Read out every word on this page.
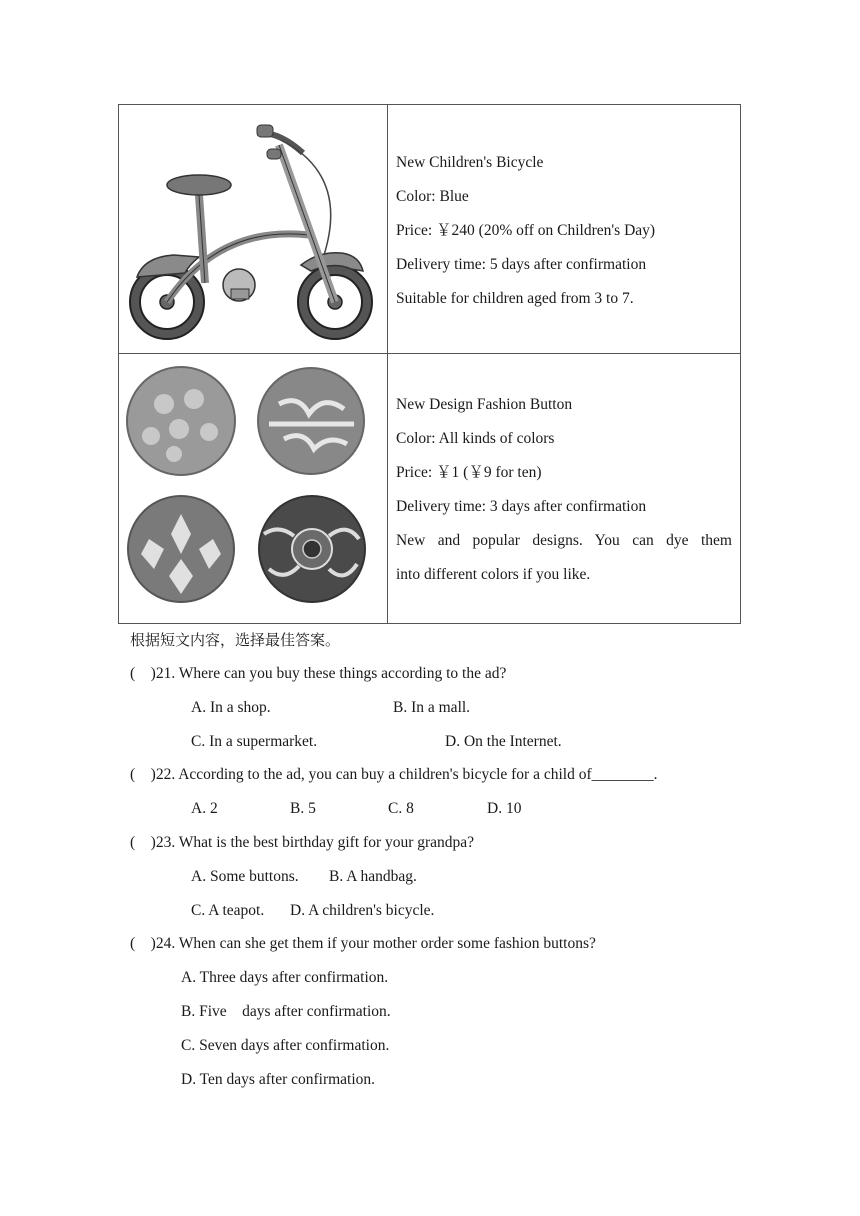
New Children's Bicycle

Color: Blue

Price: ￥240 (20% off on Children's Day)

Delivery time: 5 days after confirmation

Suitable for children aged from 3 to 7.

New Design Fashion Button

Color: All kinds of colors

Price: ￥1 (￥9 for ten)

Delivery time: 3 days after confirmation

New and popular designs. You can dye them

into different colors if you like.

根据短文内容，选择最佳答案。
(    )21. Where can you buy these things according to the ad?
A. In a shop.	B. In a mall.
C. In a supermarket.	D. On the Internet.
(    )22. According to the ad, you can buy a children's bicycle for a child of________.
A. 2	B. 5	C. 8	D. 10
(    )23. What is the best birthday gift for your grandpa?
A. Some buttons. B. A handbag.
C. A teapot. D. A children's bicycle.
(    )24. When can she get them if your mother order some fashion buttons?
A. Three days after confirmation.
B. Five    days after confirmation.
C. Seven days after confirmation.
D. Ten days after confirmation.
